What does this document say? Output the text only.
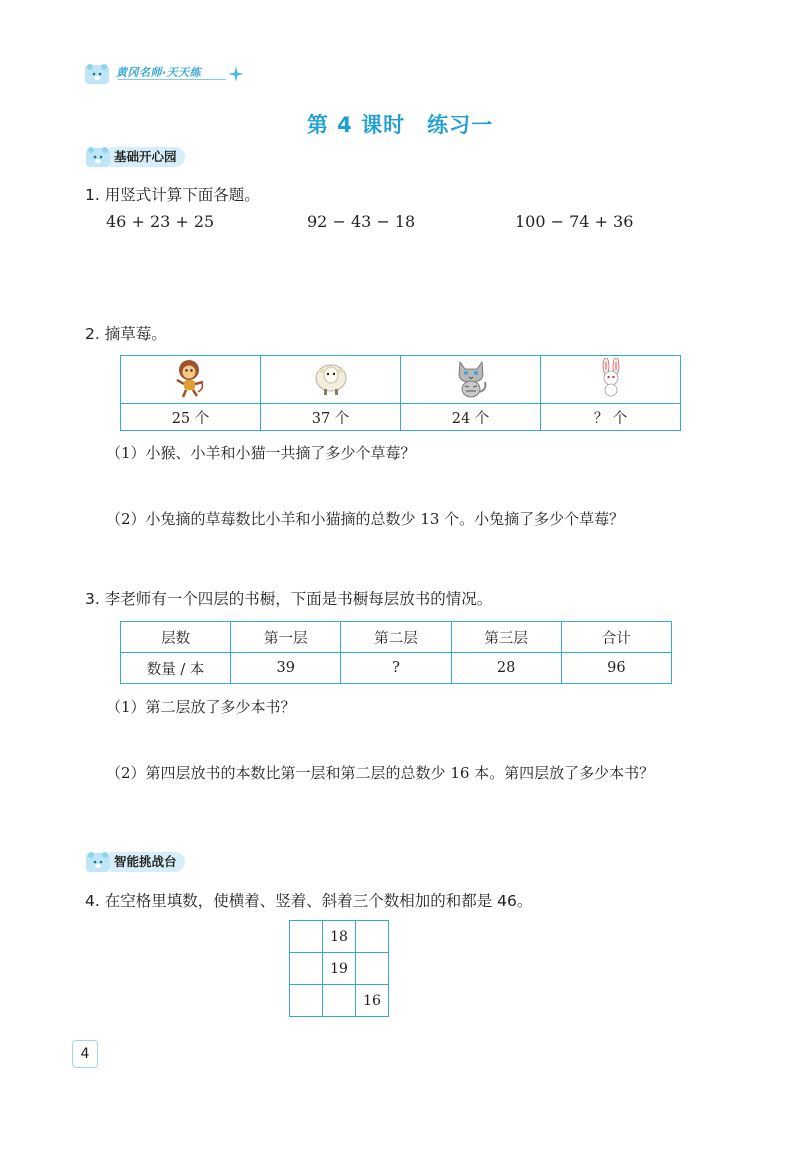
黄冈名师·天天练
第 4 课时　练习一
基础开心园
1. 用竖式计算下面各题。
46 + 23 + 25	92 − 43 − 18	100 − 74 + 36
2. 摘草莓。

25 个	37 个	24 个	？ 个
（1）小猴、小羊和小猫一共摘了多少个草莓？
（2）小兔摘的草莓数比小羊和小猫摘的总数少 13 个。小兔摘了多少个草莓？
3. 李老师有一个四层的书橱，下面是书橱每层放书的情况。
层数	第一层	第二层	第三层	合计
数量 / 本	39	?	28	96
（1）第二层放了多少本书？
（2）第四层放书的本数比第一层和第二层的总数少 16 本。第四层放了多少本书？
智能挑战台
4. 在空格里填数，使横着、竖着、斜着三个数相加的和都是 46。
	18	
	19	
		16
4
